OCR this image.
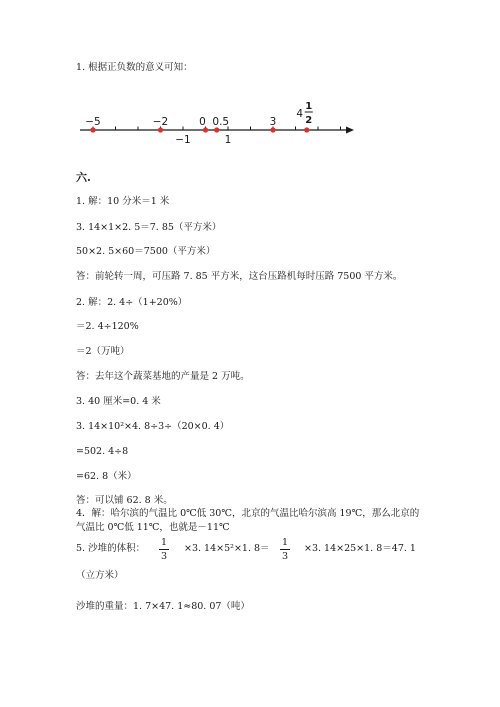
1. 根据正负数的意义可知：
−5	−2	0 0.5	3
4
1
2
−1	1
六.
1. 解：10 分米＝1 米
3. 14×1×2. 5＝7. 85（平方米）
50×2. 5×60＝7500（平方米）
答：前轮转一周，可压路 7. 85 平方米，这台压路机每时压路 7500 平方米。
2. 解：2. 4÷（1+20%）
＝2. 4÷120%
＝2（万吨）
答：去年这个蔬菜基地的产量是 2 万吨。
3. 40 厘米=0. 4 米
3. 14×10²×4. 8÷3÷（20×0. 4）
=502. 4÷8
=62. 8（米）
答：可以铺 62. 8 米。
4．解：哈尔滨的气温比 0℃低 30℃，北京的气温比哈尔滨高 19℃，那么北京的
气温比 0℃低 11℃，也就是－11℃
5. 沙堆的体积：
1
3
×3. 14×5²×1. 8＝
1
3
×3. 14×25×1. 8＝47. 1
（立方米）
沙堆的重量：1. 7×47. 1≈80. 07（吨）
